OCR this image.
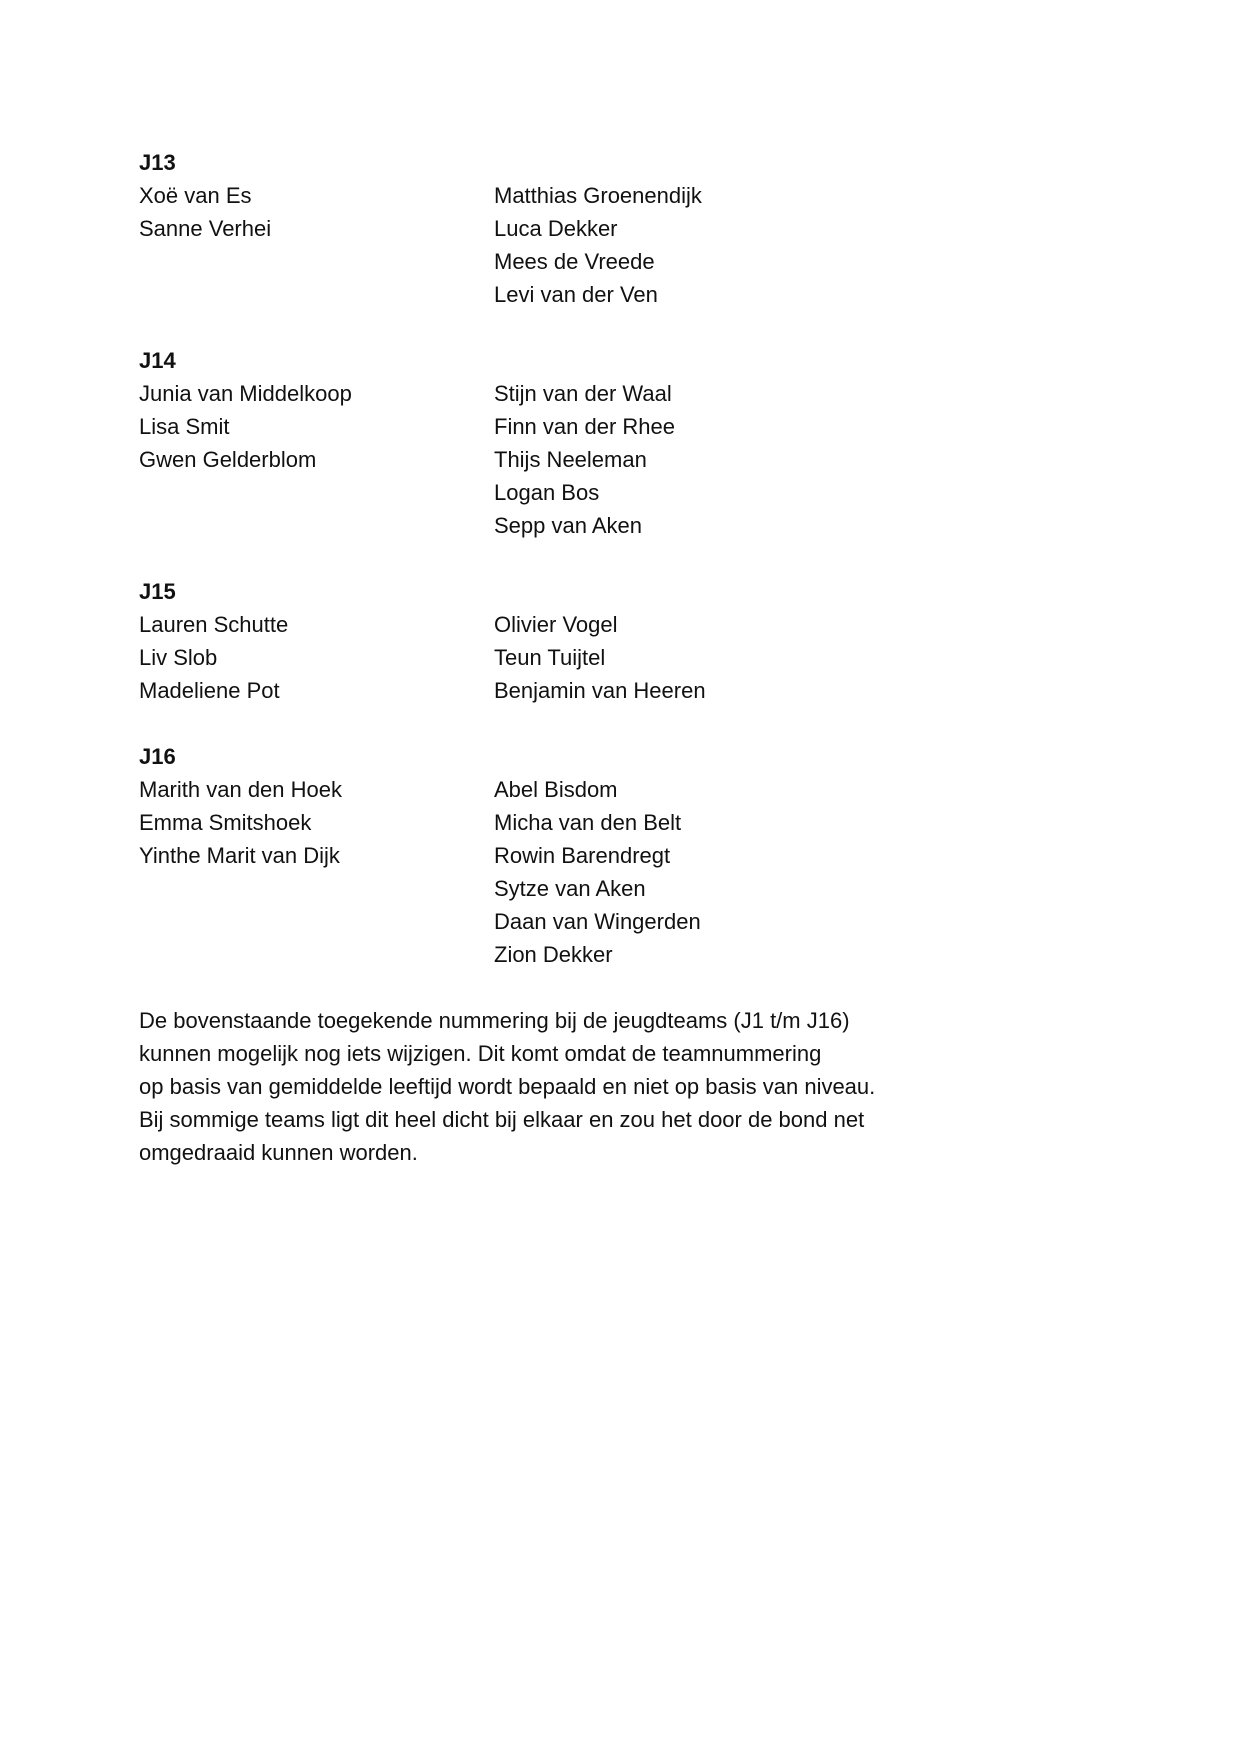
J13
Xoë van Es
Sanne Verhei
Matthias Groenendijk
Luca Dekker
Mees de Vreede
Levi van der Ven
J14
Junia van Middelkoop
Lisa Smit
Gwen Gelderblom
Stijn van der Waal
Finn van der Rhee
Thijs Neeleman
Logan Bos
Sepp van Aken
J15
Lauren Schutte
Liv Slob
Madeliene Pot
Olivier Vogel
Teun Tuijtel
Benjamin van Heeren
J16
Marith van den Hoek
Emma Smitshoek
Yinthe Marit van Dijk
Abel Bisdom
Micha van den Belt
Rowin Barendregt
Sytze van Aken
Daan van Wingerden
Zion Dekker
De bovenstaande toegekende nummering bij de jeugdteams (J1 t/m J16)
kunnen mogelijk nog iets wijzigen. Dit komt omdat de teamnummering
op basis van gemiddelde leeftijd wordt bepaald en niet op basis van niveau.
Bij sommige teams ligt dit heel dicht bij elkaar en zou het door de bond net
omgedraaid kunnen worden.
